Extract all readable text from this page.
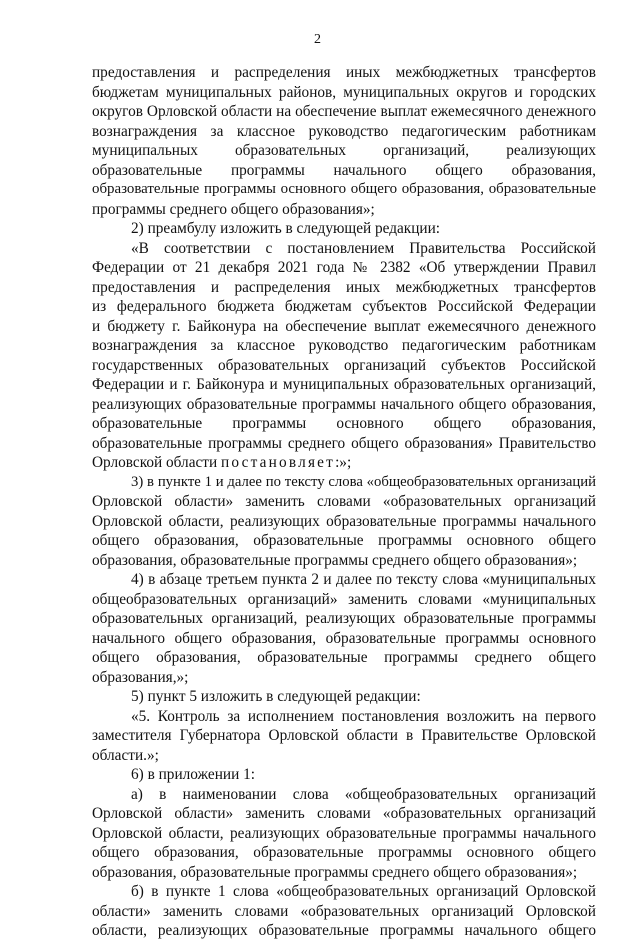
2
предоставления и распределения иных межбюджетных трансфертов
бюджетам муниципальных районов, муниципальных округов и городских
округов Орловской области на обеспечение выплат ежемесячного денежного
вознаграждения за классное руководство педагогическим работникам
муниципальных образовательных организаций, реализующих
образовательные программы начального общего образования,
образовательные программы основного общего образования, образовательные
программы среднего общего образования»;
2) преамбулу изложить в следующей редакции:
«В соответствии с постановлением Правительства Российской
Федерации от 21 декабря 2021 года № 2382 «Об утверждении Правил
предоставления и распределения иных межбюджетных трансфертов
из федерального бюджета бюджетам субъектов Российской Федерации
и бюджету г. Байконура на обеспечение выплат ежемесячного денежного
вознаграждения за классное руководство педагогическим работникам
государственных образовательных организаций субъектов Российской
Федерации и г. Байконура и муниципальных образовательных организаций,
реализующих образовательные программы начального общего образования,
образовательные программы основного общего образования,
образовательные программы среднего общего образования» Правительство
Орловской области постановляет:»;
3) в пункте 1 и далее по тексту слова «общеобразовательных организаций
Орловской области» заменить словами «образовательных организаций
Орловской области, реализующих образовательные программы начального
общего образования, образовательные программы основного общего
образования, образовательные программы среднего общего образования»;
4) в абзаце третьем пункта 2 и далее по тексту слова «муниципальных
общеобразовательных организаций» заменить словами «муниципальных
образовательных организаций, реализующих образовательные программы
начального общего образования, образовательные программы основного
общего образования, образовательные программы среднего общего
образования,»;
5) пункт 5 изложить в следующей редакции:
«5. Контроль за исполнением постановления возложить на первого
заместителя Губернатора Орловской области в Правительстве Орловской
области.»;
6) в приложении 1:
а) в наименовании слова «общеобразовательных организаций
Орловской области» заменить словами «образовательных организаций
Орловской области, реализующих образовательные программы начального
общего образования, образовательные программы основного общего
образования, образовательные программы среднего общего образования»;
б) в пункте 1 слова «общеобразовательных организаций Орловской
области» заменить словами «образовательных организаций Орловской
области, реализующих образовательные программы начального общего
